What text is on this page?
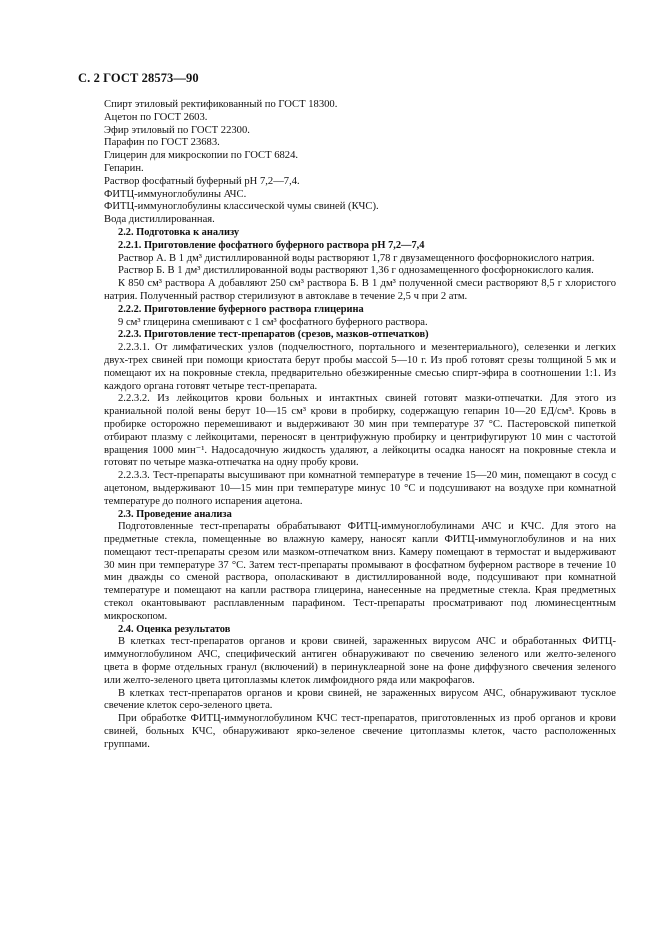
С. 2 ГОСТ 28573—90

Спирт этиловый ректификованный по ГОСТ 18300.

Ацетон по ГОСТ 2603.

Эфир этиловый по ГОСТ 22300.

Парафин по ГОСТ 23683.

Глицерин для микроскопии по ГОСТ 6824.

Гепарин.

Раствор фосфатный буферный рН 7,2—7,4.

ФИТЦ-иммуноглобулины АЧС.

ФИТЦ-иммуноглобулины классической чумы свиней (КЧС).

Вода дистиллированная.

2.2. Подготовка к анализу
2.2.1. Приготовление фосфатного буферного раствора рН 7,2—7,4

Раствор А. В 1 дм³ дистиллированной воды растворяют 1,78 г двузамещенного фосфорнокислого натрия.

Раствор Б. В 1 дм³ дистиллированной воды растворяют 1,36 г однозамещенного фосфорнокислого калия.

К 850 см³ раствора А добавляют 250 см³ раствора Б. В 1 дм³ полученной смеси растворяют 8,5 г хлористого натрия. Полученный раствор стерилизуют в автоклаве в течение 2,5 ч при 2 атм.

2.2.2. Приготовление буферного раствора глицерина

9 см³ глицерина смешивают с 1 см³ фосфатного буферного раствора.

2.2.3. Приготовление тест-препаратов (срезов, мазков-отпечатков)

2.2.3.1. От лимфатических узлов (подчелюстного, портального и мезентериального), селезенки и легких двух-трех свиней при помощи криостата берут пробы массой 5—10 г. Из проб готовят срезы толщиной 5 мк и помещают их на покровные стекла, предварительно обезжиренные смесью спирт-эфира в соотношении 1:1. Из каждого органа готовят четыре тест-препарата.

2.2.3.2. Из лейкоцитов крови больных и интактных свиней готовят мазки-отпечатки. Для этого из краниальной полой вены берут 10—15 см³ крови в пробирку, содержащую гепарин 10—20 ЕД/см³. Кровь в пробирке осторожно перемешивают и выдерживают 30 мин при температуре 37 °С. Пастеровской пипеткой отбирают плазму с лейкоцитами, переносят в центрифужную пробирку и центрифугируют 10 мин с частотой вращения 1000 мин⁻¹. Надосадочную жидкость удаляют, а лейкоциты осадка наносят на покровные стекла и готовят по четыре мазка-отпечатка на одну пробу крови.

2.2.3.3. Тест-препараты высушивают при комнатной температуре в течение 15—20 мин, помещают в сосуд с ацетоном, выдерживают 10—15 мин при температуре минус 10 °С и подсушивают на воздухе при комнатной температуре до полного испарения ацетона.

2.3. Проведение анализа

Подготовленные тест-препараты обрабатывают ФИТЦ-иммуноглобулинами АЧС и КЧС. Для этого на предметные стекла, помещенные во влажную камеру, наносят капли ФИТЦ-иммуноглобулинов и на них помещают тест-препараты срезом или мазком-отпечатком вниз. Камеру помещают в термостат и выдерживают 30 мин при температуре 37 °С. Затем тест-препараты промывают в фосфатном буферном растворе в течение 10 мин дважды со сменой раствора, ополаскивают в дистиллированной воде, подсушивают при комнатной температуре и помещают на капли раствора глицерина, нанесенные на предметные стекла. Края предметных стекол окантовывают расплавленным парафином. Тест-препараты просматривают под люминесцентным микроскопом.

2.4. Оценка результатов

В клетках тест-препаратов органов и крови свиней, зараженных вирусом АЧС и обработанных ФИТЦ-иммуноглобулином АЧС, специфический антиген обнаруживают по свечению зеленого или желто-зеленого цвета в форме отдельных гранул (включений) в перинуклеарной зоне на фоне диффузного свечения зеленого или желто-зеленого цвета цитоплазмы клеток лимфоидного ряда или макрофагов.

В клетках тест-препаратов органов и крови свиней, не зараженных вирусом АЧС, обнаруживают тусклое свечение клеток серо-зеленого цвета.

При обработке ФИТЦ-иммуноглобулином КЧС тест-препаратов, приготовленных из проб органов и крови свиней, больных КЧС, обнаруживают ярко-зеленое свечение цитоплазмы клеток, часто расположенных группами.
